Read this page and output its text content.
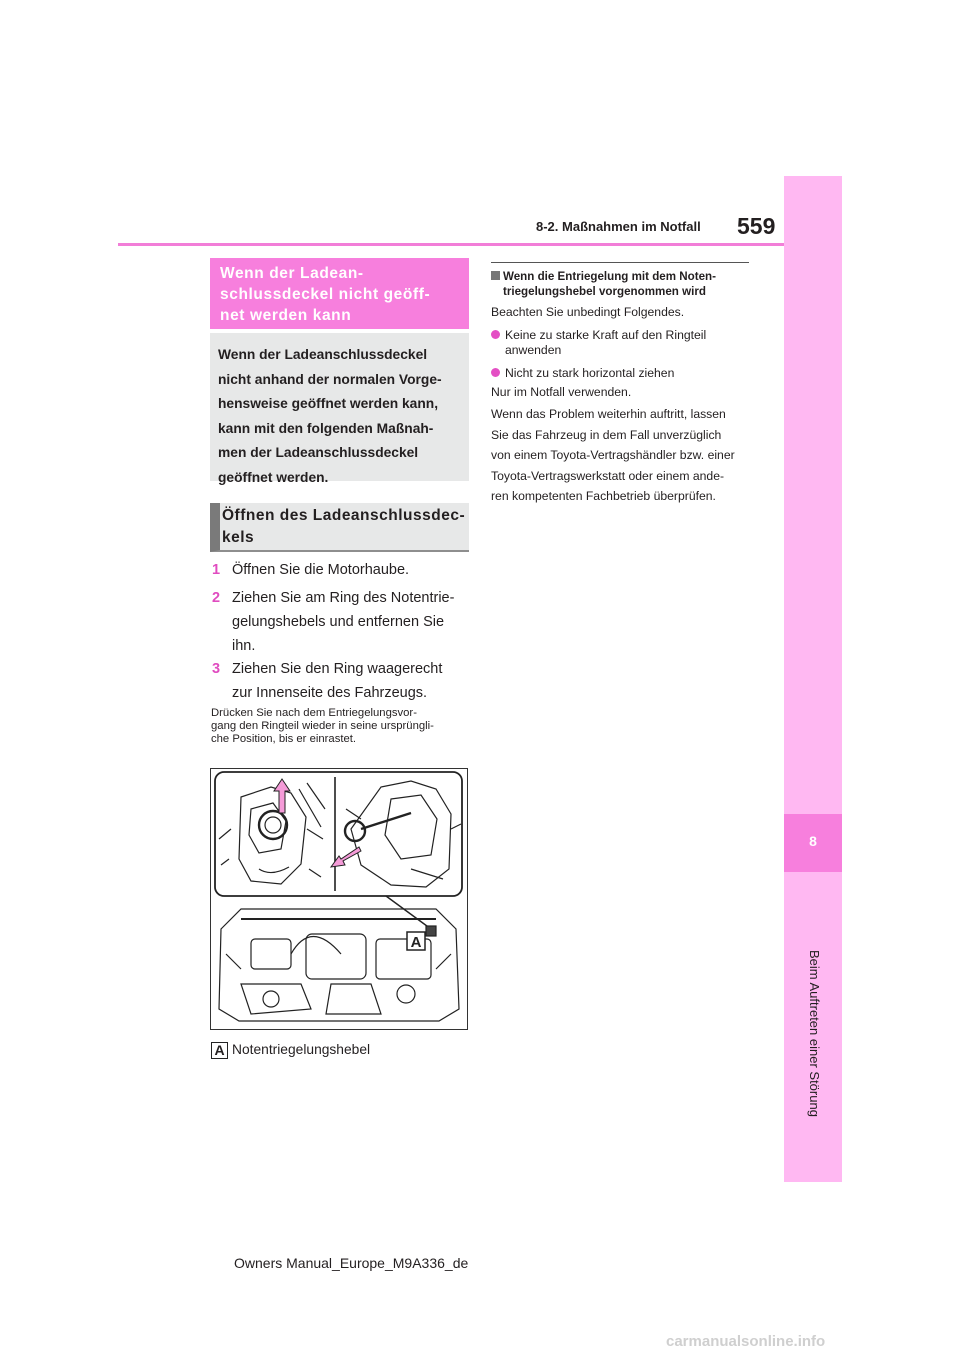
8-2. Maßnahmen im Notfall 559
8
Beim Auftreten einer Störung
Wenn der Ladean-
schlussdeckel nicht geöff-
net werden kann
Wenn der Ladeanschlussdeckel
nicht anhand der normalen Vorge-
hensweise geöffnet werden kann,
kann mit den folgenden Maßnah-
men der Ladeanschlussdeckel
geöffnet werden.
Öffnen des Ladeanschlussdec-
kels
1 Öffnen Sie die Motorhaube.
2 Ziehen Sie am Ring des Notentrie-
gelungshebels und entfernen Sie
ihn.
3 Ziehen Sie den Ring waagerecht
zur Innenseite des Fahrzeugs.
Drücken Sie nach dem Entriegelungsvor-
gang den Ringteil wieder in seine ursprüngli-
che Position, bis er einrastet.
A
A Notentriegelungshebel
Wenn die Entriegelung mit dem Noten-
triegelungshebel vorgenommen wird
Beachten Sie unbedingt Folgendes.
Keine zu starke Kraft auf den Ringteil
anwenden
Nicht zu stark horizontal ziehen
Nur im Notfall verwenden.
Wenn das Problem weiterhin auftritt, lassen
Sie das Fahrzeug in dem Fall unverzüglich
von einem Toyota-Vertragshändler bzw. einer
Toyota-Vertragswerkstatt oder einem ande-
ren kompetenten Fachbetrieb überprüfen.
Owners Manual_Europe_M9A336_de
carmanualsonline.info
